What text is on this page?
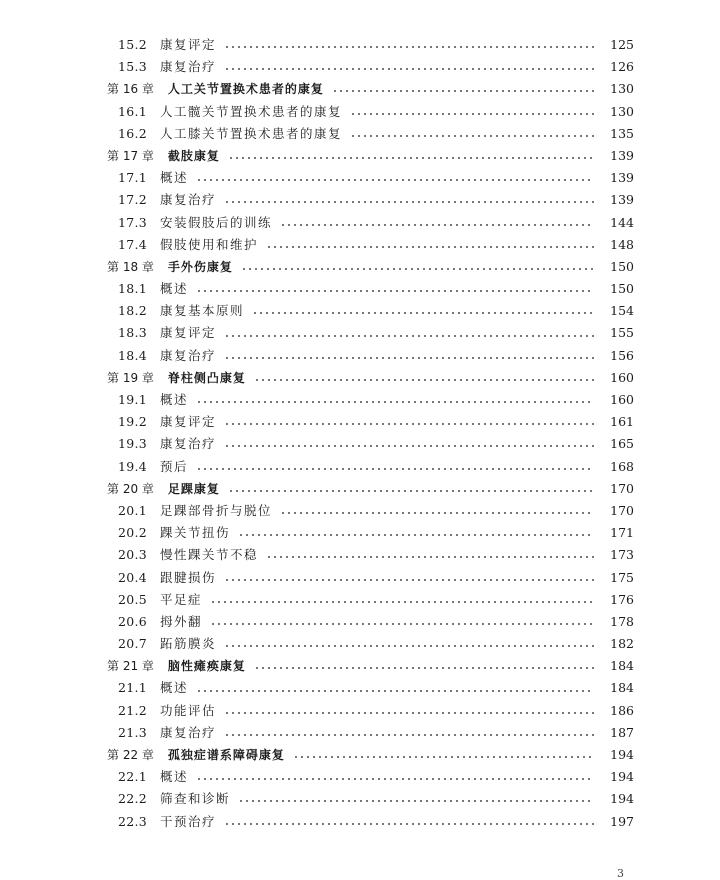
15.2	康复评定	125
15.3	康复治疗	126
第 16 章 人工关节置换术患者的康复	130
16.1	人工髋关节置换术患者的康复	130
16.2	人工膝关节置换术患者的康复	135
第 17 章 截肢康复	139
17.1	概述	139
17.2	康复治疗	139
17.3	安装假肢后的训练	144
17.4	假肢使用和维护	148
第 18 章 手外伤康复	150
18.1	概述	150
18.2	康复基本原则	154
18.3	康复评定	155
18.4	康复治疗	156
第 19 章 脊柱侧凸康复	160
19.1	概述	160
19.2	康复评定	161
19.3	康复治疗	165
19.4	预后	168
第 20 章 足踝康复	170
20.1	足踝部骨折与脱位	170
20.2	踝关节扭伤	171
20.3	慢性踝关节不稳	173
20.4	跟腱损伤	175
20.5	平足症	176
20.6	拇外翻	178
20.7	跖筋膜炎	182
第 21 章 脑性瘫痪康复	184
21.1	概述	184
21.2	功能评估	186
21.3	康复治疗	187
第 22 章 孤独症谱系障碍康复	194
22.1	概述	194
22.2	筛查和诊断	194
22.3	干预治疗	197
3
